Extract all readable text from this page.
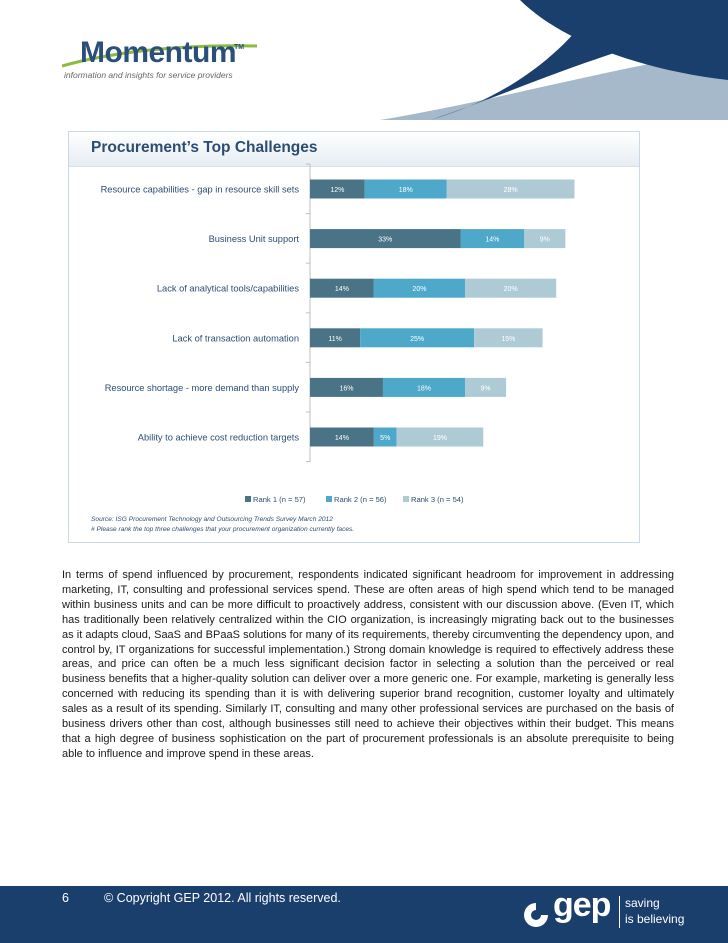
Momentum
TM
information and insights for service providers
Procurement’s Top Challenges
Resource capabilities - gap in resource skill sets	12%	18%	28%
Business Unit support	33%	14%	9%
Lack of analytical tools/capabilities	14%	20%	20%
Lack of transaction automation	11%	25%	15%
Resource shortage - more demand than supply	16%	18%	9%
Ability to achieve cost reduction targets	14%	5%	19%
Rank 1 (n = 57)	Rank 2 (n = 56)	Rank 3 (n = 54)
Source: ISG Procurement Technology and Outsourcing Trends Survey March 2012
# Please rank the top three challenges that your procurement organization currently faces.

In terms of spend influenced by procurement, respondents indicated significant headroom for improvement in addressing marketing, IT, consulting and professional services spend. These are often areas of high spend which tend to be managed within business units and can be more difficult to proactively address, consistent with our discussion above. (Even IT, which has traditionally been relatively centralized within the CIO organization, is increasingly migrating back out to the businesses as it adapts cloud, SaaS and BPaaS solutions for many of its requirements, thereby circumventing the dependency upon, and control by, IT organizations for successful implementation.) Strong domain knowledge is required to effectively address these areas, and price can often be a much less significant decision factor in selecting a solution than the perceived or real business benefits that a higher-quality solution can deliver over a more generic one. For example, marketing is generally less concerned with reducing its spending than it is with delivering superior brand recognition, customer loyalty and ultimately sales as a result of its spending. Similarly IT, consulting and many other professional services are purchased on the basis of business drivers other than cost, although businesses still need to achieve their objectives within their budget. This means that a high degree of business sophistication on the part of procurement professionals is an absolute prerequisite to being able to influence and improve spend in these areas.

6	© Copyright GEP 2012. All rights reserved.	gep saving
is believing
